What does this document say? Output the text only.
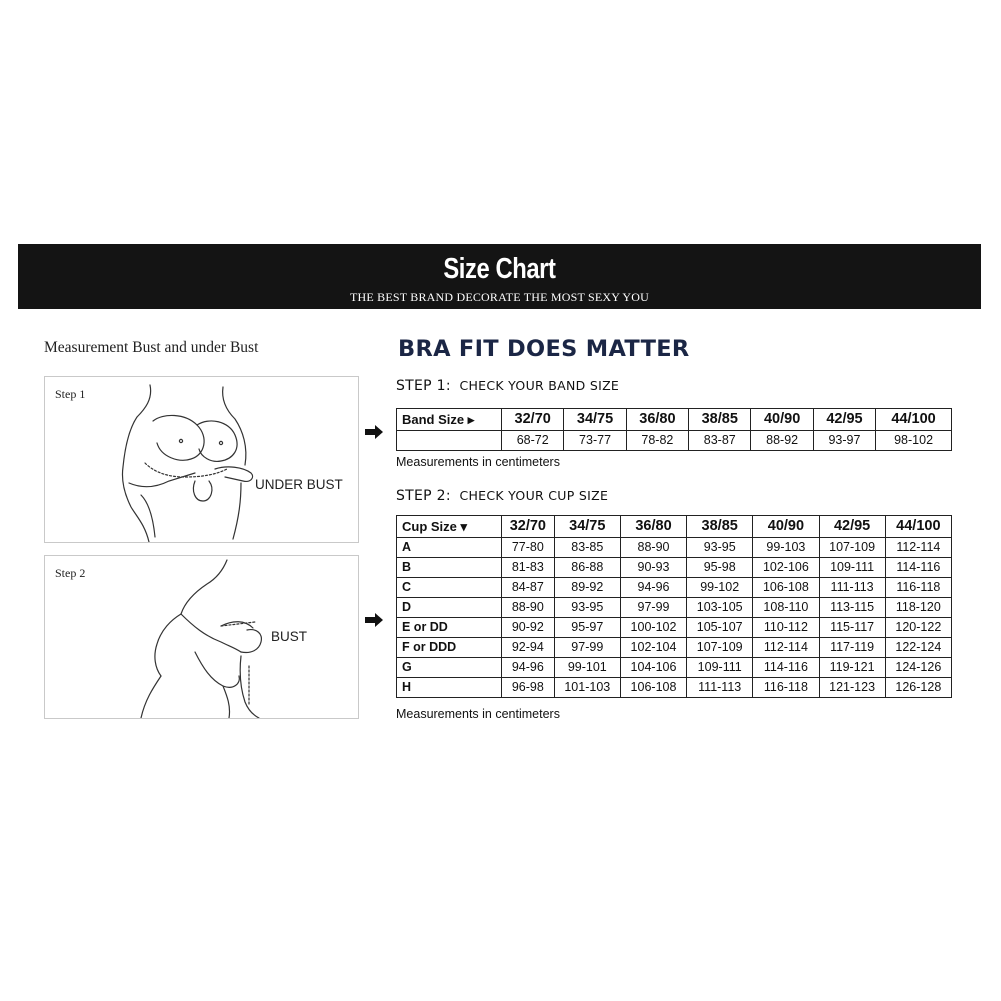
Size Chart
THE BEST BRAND DECORATE THE MOST SEXY YOU
Measurement Bust and under Bust
Step 1
UNDER BUST
Step 2
BUST
BRA FIT DOES MATTER
STEP 1: CHECK YOUR BAND SIZE
Band Size ▸	32/70	34/75	36/80	38/85	40/90	42/95	44/100
	68-72	73-77	78-82	83-87	88-92	93-97	98-102
Measurements in centimeters
STEP 2: CHECK YOUR CUP SIZE
Cup Size ▾	32/70	34/75	36/80	38/85	40/90	42/95	44/100
A	77-80	83-85	88-90	93-95	99-103	107-109	112-114
B	81-83	86-88	90-93	95-98	102-106	109-111	114-116
C	84-87	89-92	94-96	99-102	106-108	111-113	116-118
D	88-90	93-95	97-99	103-105	108-110	113-115	118-120
E or DD	90-92	95-97	100-102	105-107	110-112	115-117	120-122
F or DDD	92-94	97-99	102-104	107-109	112-114	117-119	122-124
G	94-96	99-101	104-106	109-111	114-116	119-121	124-126
H	96-98	101-103	106-108	111-113	116-118	121-123	126-128
Measurements in centimeters
